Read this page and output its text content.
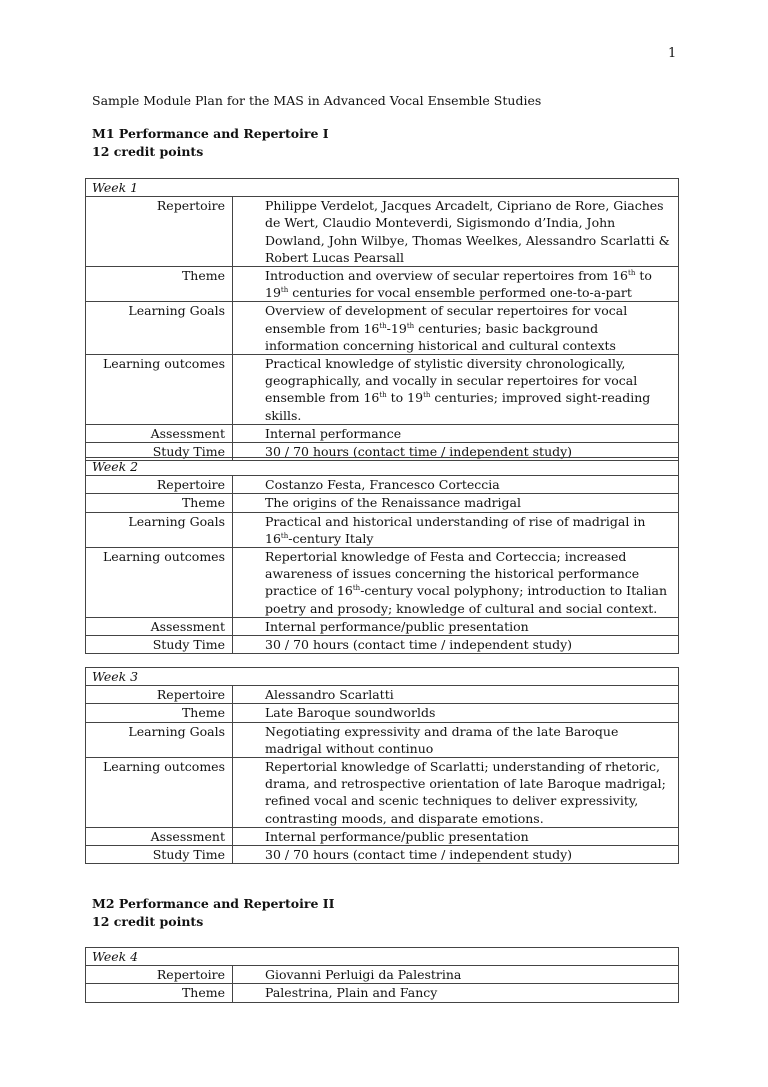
1
Sample Module Plan for the MAS in Advanced Vocal Ensemble Studies
M1 Performance and Repertoire I
12 credit points
Week 1	
Repertoire	Philippe Verdelot, Jacques Arcadelt, Cipriano de Rore, Giaches de Wert, Claudio Monteverdi, Sigismondo d’India, John Dowland, John Wilbye, Thomas Weelkes, Alessandro Scarlatti & Robert Lucas Pearsall
Theme	Introduction and overview of secular repertoires from 16th to 19th centuries for vocal ensemble performed one-to-a-part
Learning Goals	Overview of development of secular repertoires for vocal ensemble from 16th-19th centuries; basic background information concerning historical and cultural contexts
Learning outcomes	Practical knowledge of stylistic diversity chronologically, geographically, and vocally in secular repertoires for vocal ensemble from 16th to 19th centuries; improved sight-reading skills.
Assessment	Internal performance
Study Time	30 / 70 hours (contact time / independent study)
Week 2	
Repertoire	Costanzo Festa, Francesco Corteccia
Theme	The origins of the Renaissance madrigal
Learning Goals	Practical and historical understanding of rise of madrigal in 16th-century Italy
Learning outcomes	Repertorial knowledge of Festa and Corteccia; increased awareness of issues concerning the historical performance practice of 16th-century vocal polyphony; introduction to Italian poetry and prosody; knowledge of cultural and social context.
Assessment	Internal performance/public presentation
Study Time	30 / 70 hours (contact time / independent study)
Week 3	
Repertoire	Alessandro Scarlatti
Theme	Late Baroque soundworlds
Learning Goals	Negotiating expressivity and drama of the late Baroque madrigal without continuo
Learning outcomes	Repertorial knowledge of Scarlatti; understanding of rhetoric, drama, and retrospective orientation of late Baroque madrigal; refined vocal and scenic techniques to deliver expressivity, contrasting moods, and disparate emotions.
Assessment	Internal performance/public presentation
Study Time	30 / 70 hours (contact time / independent study)
M2 Performance and Repertoire II
12 credit points
Week 4	
Repertoire	Giovanni Perluigi da Palestrina
Theme	Palestrina, Plain and Fancy
